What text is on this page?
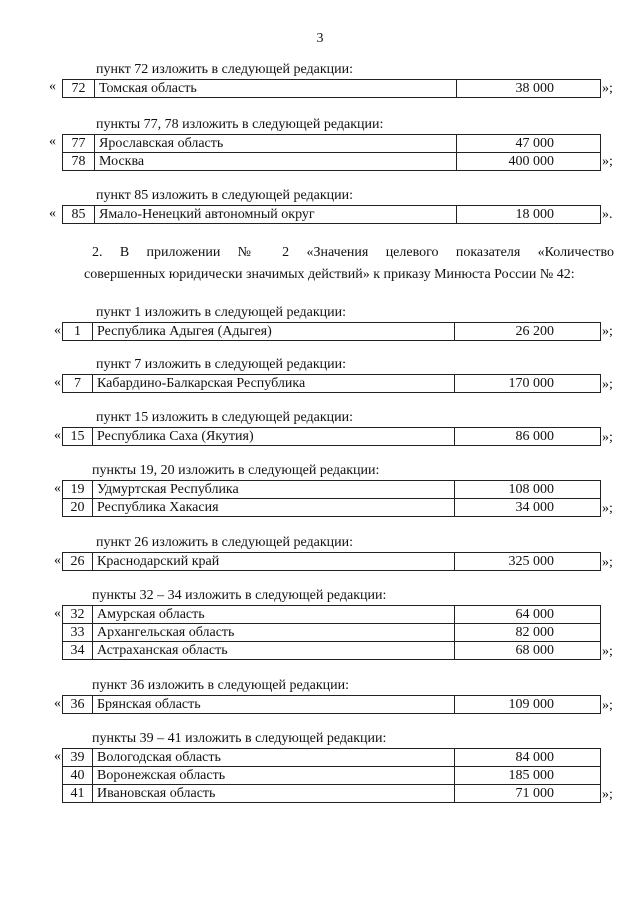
3
пункт 72 изложить в следующей редакции:
« 72	Томская область	38 000	»;
пункты 77, 78 изложить в следующей редакции:
« 77	Ярославская область	47 000
78	Москва	400 000	»;
пункт 85 изложить в следующей редакции:
« 85	Ямало-Ненецкий автономный округ	18 000	».
2. В приложении № 2 «Значения целевого показателя «Количество
совершенных юридически значимых действий» к приказу Минюста России № 42:
пункт 1 изложить в следующей редакции:
« 1	Республика Адыгея (Адыгея)	26 200	»;
пункт 7 изложить в следующей редакции:
« 7	Кабардино-Балкарская Республика	170 000	»;
пункт 15 изложить в следующей редакции:
« 15	Республика Саха (Якутия)	86 000	»;
пункты 19, 20 изложить в следующей редакции:
« 19	Удмуртская Республика	108 000
20	Республика Хакасия	34 000	»;
пункт 26 изложить в следующей редакции:
« 26	Краснодарский край	325 000	»;
пункты 32 – 34 изложить в следующей редакции:
« 32	Амурская область	64 000
33	Архангельская область	82 000
34	Астраханская область	68 000	»;
пункт 36 изложить в следующей редакции:
« 36	Брянская область	109 000	»;
пункты 39 – 41 изложить в следующей редакции:
« 39	Вологодская область	84 000
40	Воронежская область	185 000
41	Ивановская область	71 000	»;
